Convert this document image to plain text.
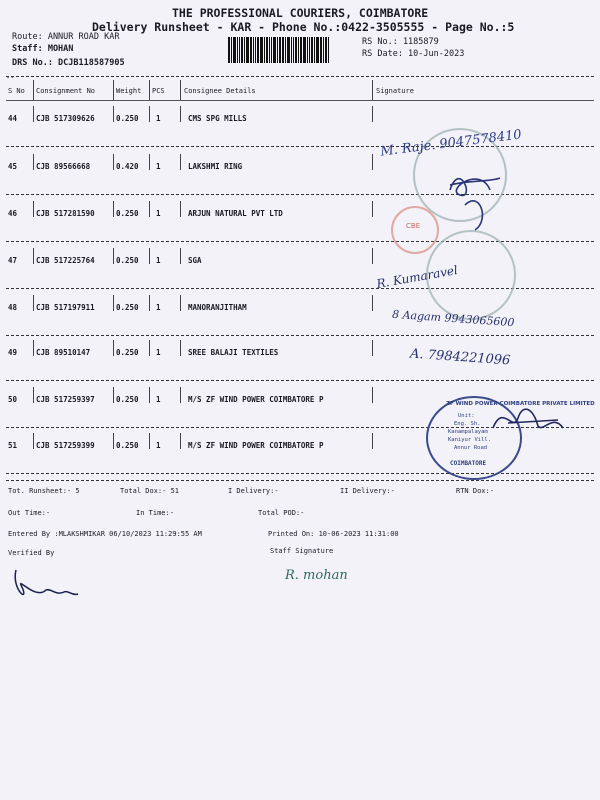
THE PROFESSIONAL COURIERS, COIMBATORE
Delivery Runsheet - KAR - Phone No.:0422-3505555 - Page No.:5
Route: ANNUR ROAD KAR
Staff: MOHAN
DRS No.: DCJB118587905
RS No.: 1185879
RS Date: 10-Jun-2023
--
S No Consignment No	Weight PCS	Consignee Details	Signature
44	CJB 517309626	0.250 1	CMS SPG MILLS
45	CJB 89566668	0.420 1	LAKSHMI RING
46	CJB 517281590	0.250 1	ARJUN NATURAL PVT LTD
47	CJB 517225764	0.250 1	SGA
48	CJB 517197911	0.250 1	MANORANJITHAM
49	CJB 89510147	0.250 1	SREE BALAJI TEXTILES
50	CJB 517259397	0.250 1	M/S ZF WIND POWER COIMBATORE P
51	CJB 517259399	0.250 1	M/S ZF WIND POWER COIMBATORE P
CBE
ZF WIND POWER COIMBATORE PRIVATE LIMITED
Unit:
Eng. Sh.
Kanampalayam
Kaniyur Vill.
Annur Road
COIMBATORE
M. Raje. 9047578410
R. Kumaravel
8 Aagam 9943065600
A. 7984221096
Tot. Runsheet:- 5	Total Dox:- 51	I Delivery:-	II Delivery:-	RTN Dox:-
Out Time:-	In Time:-	Total POD:-
Entered By :MLAKSHMIKAR 06/10/2023 11:29:55 AM	Printed On: 10-06-2023 11:31:00
Verified By	Staff Signature
R. mohan
